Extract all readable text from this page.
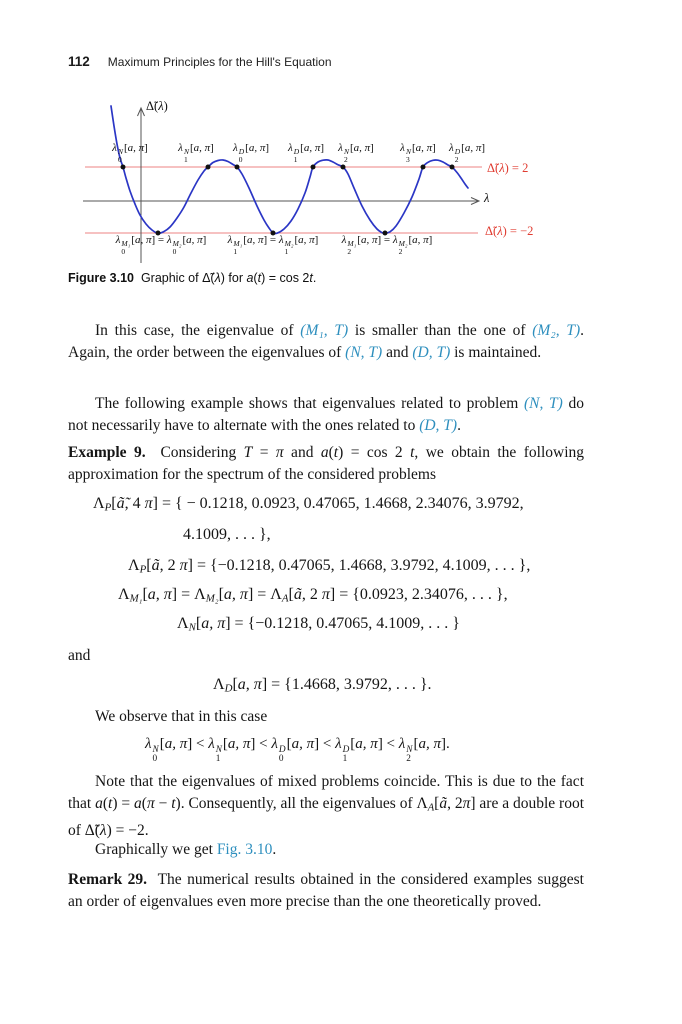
112 Maximum Principles for the Hill's Equation
Δ̃(λ)
λ
Δ̃(λ) = 2
Δ̃(λ) = −2
λ N
0
[a, π]	λ N
1
[a, π] λ D
0
[a, π] λ D
1
[a, π] λ N
2
[a, π] λ N
3
[a, π] λ D
2
[a, π]
λ M₁
0
[a, π] = λ M₂
0
[a, π] λ M₁
1
[a, π] = λ M₂
1
[a, π] λ M₁
2
[a, π] = λ M₂
2
[a, π]
Figure 3.10  Graphic of Δ̃(λ) for a(t) = cos 2t.
In this case, the eigenvalue of (M₁, T) is smaller than the one of (M₂, T). Again, the order between the eigenvalues of (N, T) and (D, T) is maintained.
The following example shows that eigenvalues related to problem (N, T) do not necessarily have to alternate with the ones related to (D, T).
Example 9.  Considering T = π and a(t) = cos 2 t, we obtain the following approximation for the spectrum of the considered problems
ΛP[ã̃, 4 π] = { − 0.1218, 0.0923, 0.47065, 1.4668, 2.34076, 3.9792,
4.1009, . . . },
ΛP[ã, 2 π] = {−0.1218, 0.47065, 1.4668, 3.9792, 4.1009, . . . },
ΛM₁[a, π] = ΛM₂[a, π] = ΛA[ã, 2 π] = {0.0923, 2.34076, . . . },
ΛN[a, π] = {−0.1218, 0.47065, 4.1009, . . . }
and
ΛD[a, π] = {1.4668, 3.9792, . . . }.
We observe that in this case
λ N
0
[a, π] < λ N
1
[a, π] < λ D
0
[a, π] < λ D
1
[a, π] < λ N
2
[a, π].
Note that the eigenvalues of mixed problems coincide. This is due to the fact that a(t) = a(π − t). Consequently, all the eigenvalues of ΛA[ã, 2π] are a double root of Δ̃(λ) = −2.
Graphically we get Fig. 3.10.
Remark 29.  The numerical results obtained in the considered examples suggest an order of eigenvalues even more precise than the one theoretically proved.
